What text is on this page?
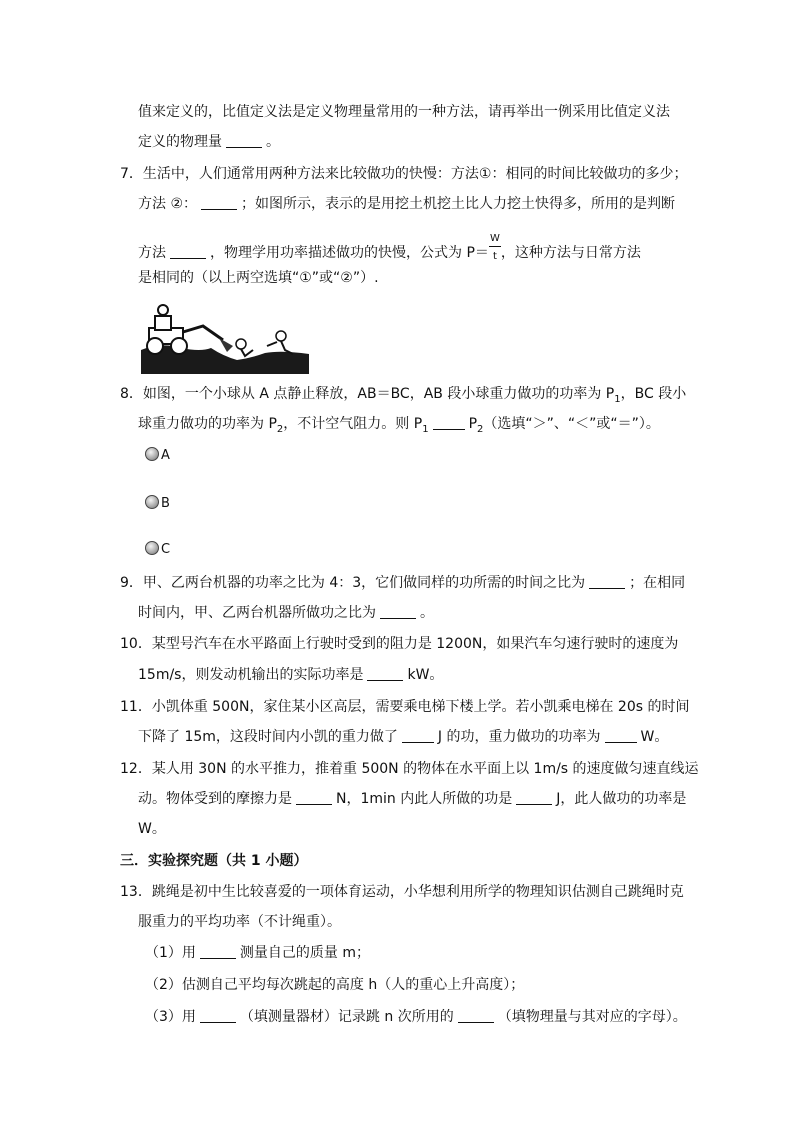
值来定义的，比值定义法是定义物理量常用的一种方法，请再举出一例采用比值定义法
定义的物理量	。
7．生活中，人们通常用两种方法来比较做功的快慢：方法①：相同的时间比较做功的多少；
方法 ②：	；如图所示，表示的是用挖土机挖土比人力挖土快得多，所用的是判断
方法	，物理学用功率描述做功的快慢，公式为 $P= \frac{W}{t}$ ，这种方法与日常方法
是相同的（以上两空选填“①”或“②”）.
8．如图，一个小球从 A 点静止释放，AB＝BC，AB 段小球重力做功的功率为 $P_1$，BC 段小
球重力做功的功率为 $P_2$，不计空气阻力。则 $P_1$	$P_2$（选填“＞”、“＜”或“＝”）。
A
B
C
9．甲、乙两台机器的功率之比为 4：3，它们做同样的功所需的时间之比为	；在相同
时间内，甲、乙两台机器所做功之比为	。
10．某型号汽车在水平路面上行驶时受到的阻力是 1200N，如果汽车匀速行驶时的速度为
15m/s，则发动机输出的实际功率是	kW。
11．小凯体重 500N，家住某小区高层，需要乘电梯下楼上学。若小凯乘电梯在 20s 的时间
下降了 15m，这段时间内小凯的重力做了	J 的功，重力做功的功率为	W。
12．某人用 30N 的水平推力，推着重 500N 的物体在水平面上以 1m/s 的速度做匀速直线运
动。物体受到的摩擦力是	N，1min 内此人所做的功是	J，此人做功的功率是
W。
三．实验探究题（共 1 小题）
13．跳绳是初中生比较喜爱的一项体育运动，小华想利用所学的物理知识估测自己跳绳时克
服重力的平均功率（不计绳重）。
（1）用	测量自己的质量 m；
（2）估测自己平均每次跳起的高度 h（人的重心上升高度）；
（3）用	（填测量器材）记录跳 n 次所用的	（填物理量与其对应的字母）。
